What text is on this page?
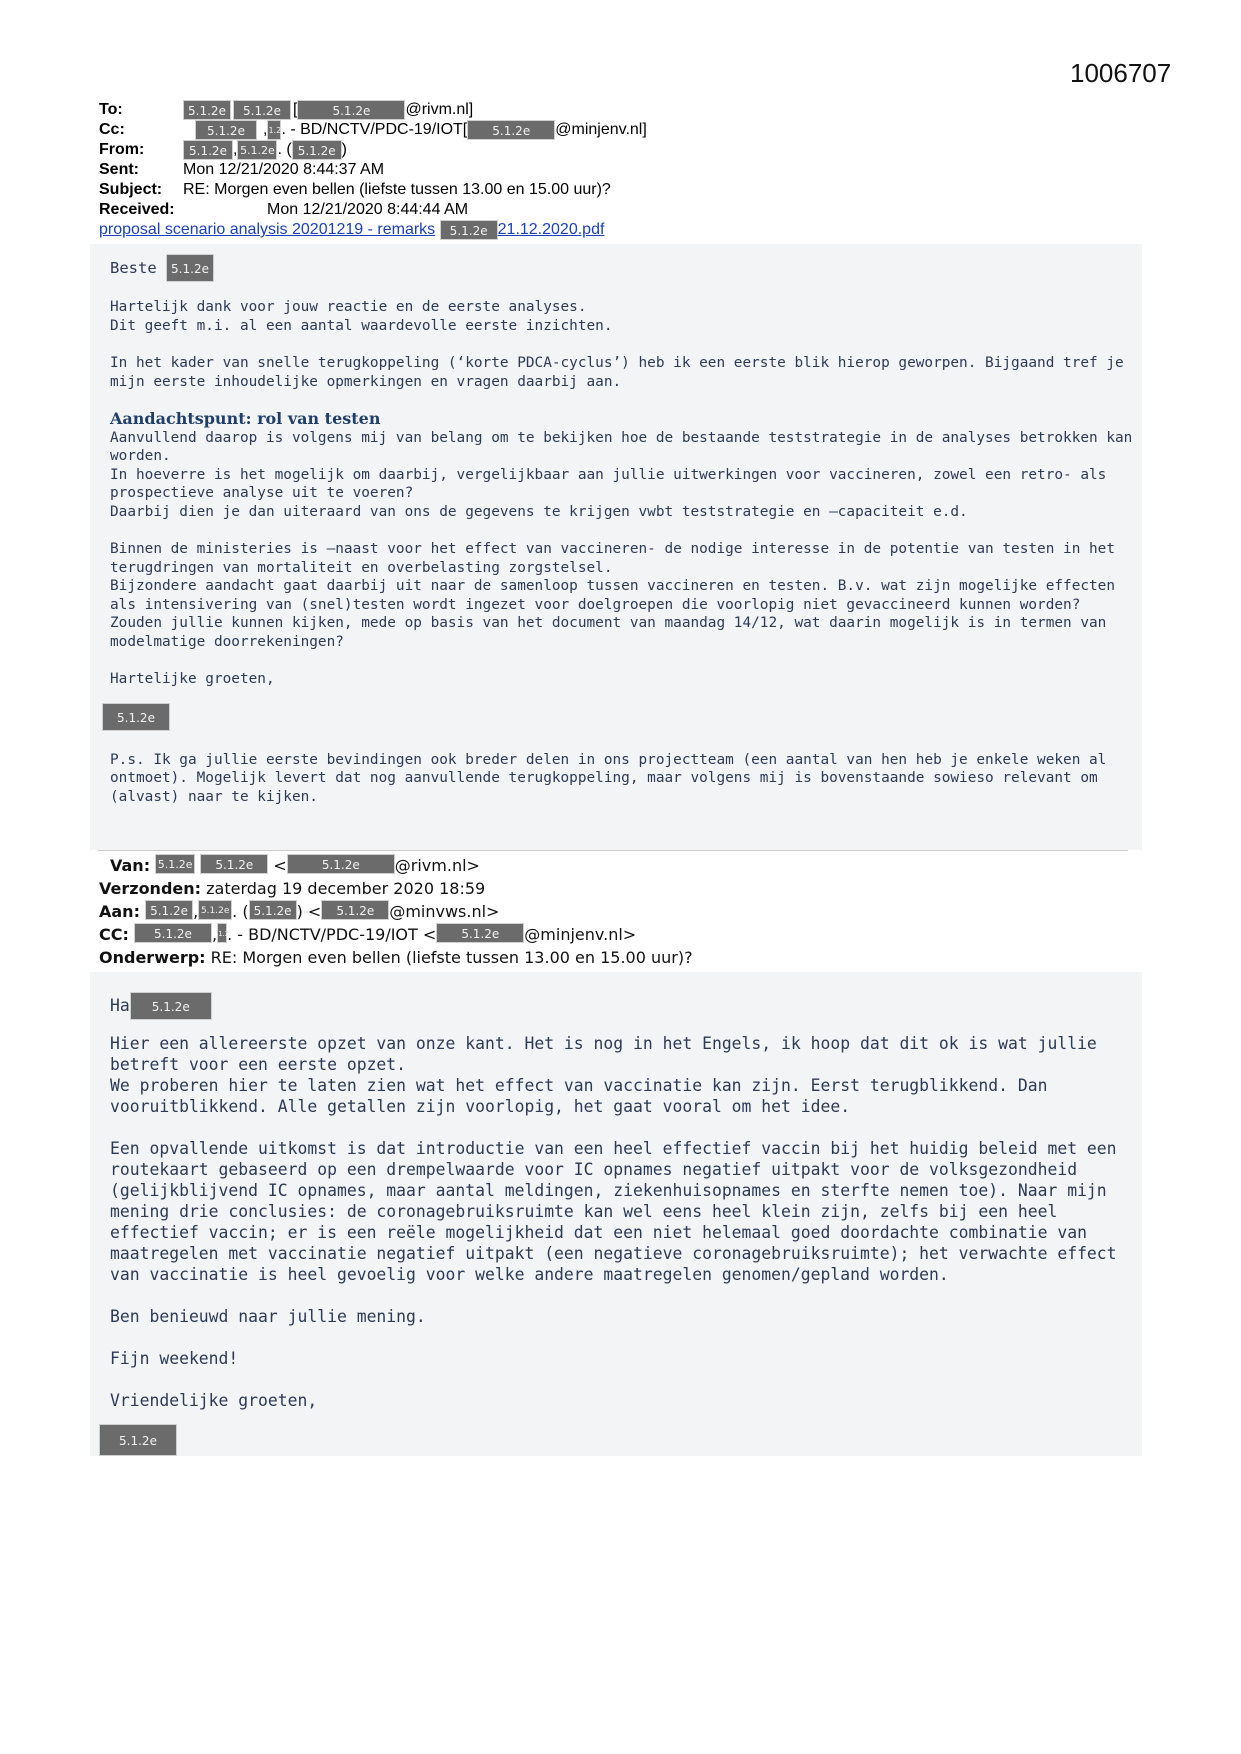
1006707
To:	5.1.2e 5.1.2e [	5.1.2e @rivm.nl]
Cc:	5.1.2e ,1.2. - BD/NCTV/PDC-19/IOT[ 5.1.2e @minjenv.nl]
From:	5.1.2e , 5.1.2e . ( 5.1.2e )
Sent:	Mon 12/21/2020 8:44:37 AM
Subject: RE: Morgen even bellen (liefste tussen 13.00 en 15.00 uur)?
Received:	Mon 12/21/2020 8:44:44 AM
proposal scenario analysis 20201219 - remarks 5.1.2e 21.12.2020.pdf

Beste 5.1.2e

Hartelijk dank voor jouw reactie en de eerste analyses.

Dit geeft m.i. al een aantal waardevolle eerste inzichten.

In het kader van snelle terugkoppeling (‘korte PDCA-cyclus’) heb ik een eerste blik hierop geworpen. Bijgaand tref je mijn eerste inhoudelijke opmerkingen en vragen daarbij aan.

Aandachtspunt: rol van testen

Aanvullend daarop is volgens mij van belang om te bekijken hoe de bestaande teststrategie in de analyses betrokken kan worden.

In hoeverre is het mogelijk om daarbij, vergelijkbaar aan jullie uitwerkingen voor vaccineren, zowel een retro- als prospectieve analyse uit te voeren?

Daarbij dien je dan uiteraard van ons de gegevens te krijgen vwbt teststrategie en –capaciteit e.d.

Binnen de ministeries is –naast voor het effect van vaccineren- de nodige interesse in de potentie van testen in het terugdringen van mortaliteit en overbelasting zorgstelsel.

Bijzondere aandacht gaat daarbij uit naar de samenloop tussen vaccineren en testen. B.v. wat zijn mogelijke effecten als intensivering van (snel)testen wordt ingezet voor doelgroepen die voorlopig niet gevaccineerd kunnen worden?

Zouden jullie kunnen kijken, mede op basis van het document van maandag 14/12, wat daarin mogelijk is in termen van modelmatige doorrekeningen?

Hartelijke groeten,

5.1.2e

P.s. Ik ga jullie eerste bevindingen ook breder delen in ons projectteam (een aantal van hen heb je enkele weken al ontmoet). Mogelijk levert dat nog aanvullende terugkoppeling, maar volgens mij is bovenstaande sowieso relevant om (alvast) naar te kijken.

Van: 5.1.2e 5.1.2e <	5.1.2e @rivm.nl>
Verzonden: zaterdag 19 december 2020 18:59
Aan: 5.1.2e , 5.1.2e . ( 5.1.2e ) < 5.1.2e @minvws.nl>
CC: 5.1.2e ,1.2. - BD/NCTV/PDC-19/IOT < 5.1.2e @minjenv.nl>
Onderwerp: RE: Morgen even bellen (liefste tussen 13.00 en 15.00 uur)?

Ha 5.1.2e

Hier een allereerste opzet van onze kant. Het is nog in het Engels, ik hoop dat dit ok is wat jullie betreft voor een eerste opzet.

We proberen hier te laten zien wat het effect van vaccinatie kan zijn. Eerst terugblikkend. Dan vooruitblikkend. Alle getallen zijn voorlopig, het gaat vooral om het idee.

Een opvallende uitkomst is dat introductie van een heel effectief vaccin bij het huidig beleid met een routekaart gebaseerd op een drempelwaarde voor IC opnames negatief uitpakt voor de volksgezondheid (gelijkblijvend IC opnames, maar aantal meldingen, ziekenhuisopnames en sterfte nemen toe). Naar mijn mening drie conclusies: de coronagebruiksruimte kan wel eens heel klein zijn, zelfs bij een heel effectief vaccin; er is een reële mogelijkheid dat een niet helemaal goed doordachte combinatie van maatregelen met vaccinatie negatief uitpakt (een negatieve coronagebruiksruimte); het verwachte effect van vaccinatie is heel gevoelig voor welke andere maatregelen genomen/gepland worden.

Ben benieuwd naar jullie mening.

Fijn weekend!

Vriendelijke groeten,

5.1.2e
